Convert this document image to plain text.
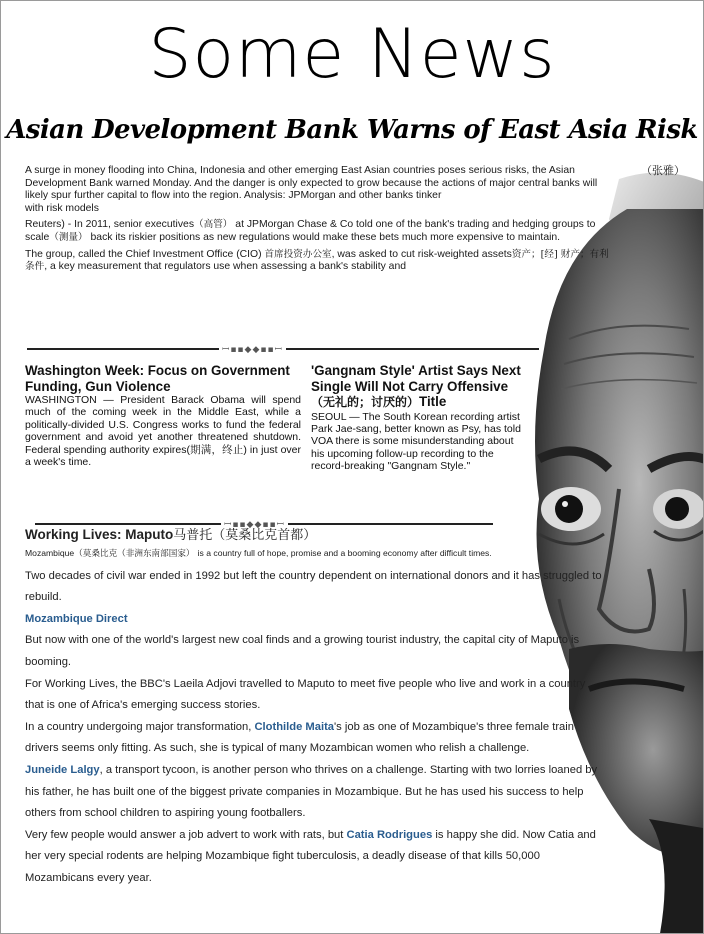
Some News
Asian Development Bank Warns of East Asia Risk
（张雅）

A surge in money flooding into China, Indonesia and other emerging East Asian countries poses serious risks, the Asian Development Bank warned Monday. And the danger is only expected to grow because the actions of major central banks will likely spur further capital to flow into the region. Analysis: JPMorgan and other banks tinker
with risk models

Reuters) - In 2011, senior executives（高管） at JPMorgan Chase & Co told one of the bank's trading and hedging groups to scale（测量） back its riskier positions as new regulations would make these bets much more expensive to maintain.

The group, called the Chief Investment Office (CIO) 首席投资办公室, was asked to cut risk-weighted assets资产；[经] 财产；有利条件, a key measurement that regulators use when assessing a bank's stability and

ꟷ▪▪◆◆▪▪ꟷ
Washington Week: Focus on Government Funding, Gun Violence
WASHINGTON — President Barack Obama will spend much of the coming week in the Middle East, while a politically-divided U.S. Congress works to fund the federal government and avoid yet another threatened shutdown. Federal spending authority expires(期满，终止) in just over a week's time.
'Gangnam Style' Artist Says Next Single Will Not Carry Offensive（无礼的；讨厌的）Title
SEOUL — The South Korean recording artist Park Jae-sang, better known as Psy, has told VOA there is some misunderstanding about his upcoming follow-up recording to the record-breaking "Gangnam Style."
ꟷ▪▪◆◆▪▪ꟷ
Working Lives: Maputo马普托（莫桑比克首都）
Mozambique（莫桑比克（非洲东南部国家） is a country full of hope, promise and a booming economy after difficult times.
Two decades of civil war ended in 1992 but left the country dependent on international donors and it has struggled to rebuild.
Mozambique Direct
But now with one of the world's largest new coal finds and a growing tourist industry, the capital city of Maputo is booming.
For Working Lives, the BBC's Laeila Adjovi travelled to Maputo to meet five people who live and work in a country that is one of Africa's emerging success stories.
In a country undergoing major transformation, Clothilde Maita's job as one of Mozambique's three female train drivers seems only fitting. As such, she is typical of many Mozambican women who relish a challenge.
Juneide Lalgy, a transport tycoon, is another person who thrives on a challenge. Starting with two lorries loaned by his father, he has built one of the biggest private companies in Mozambique. But he has used his success to help others from school children to aspiring young footballers.
Very few people would answer a job advert to work with rats, but Catia Rodrigues is happy she did. Now Catia and her very special rodents are helping Mozambique fight tuberculosis, a deadly disease of that kills 50,000 Mozambicans every year.
